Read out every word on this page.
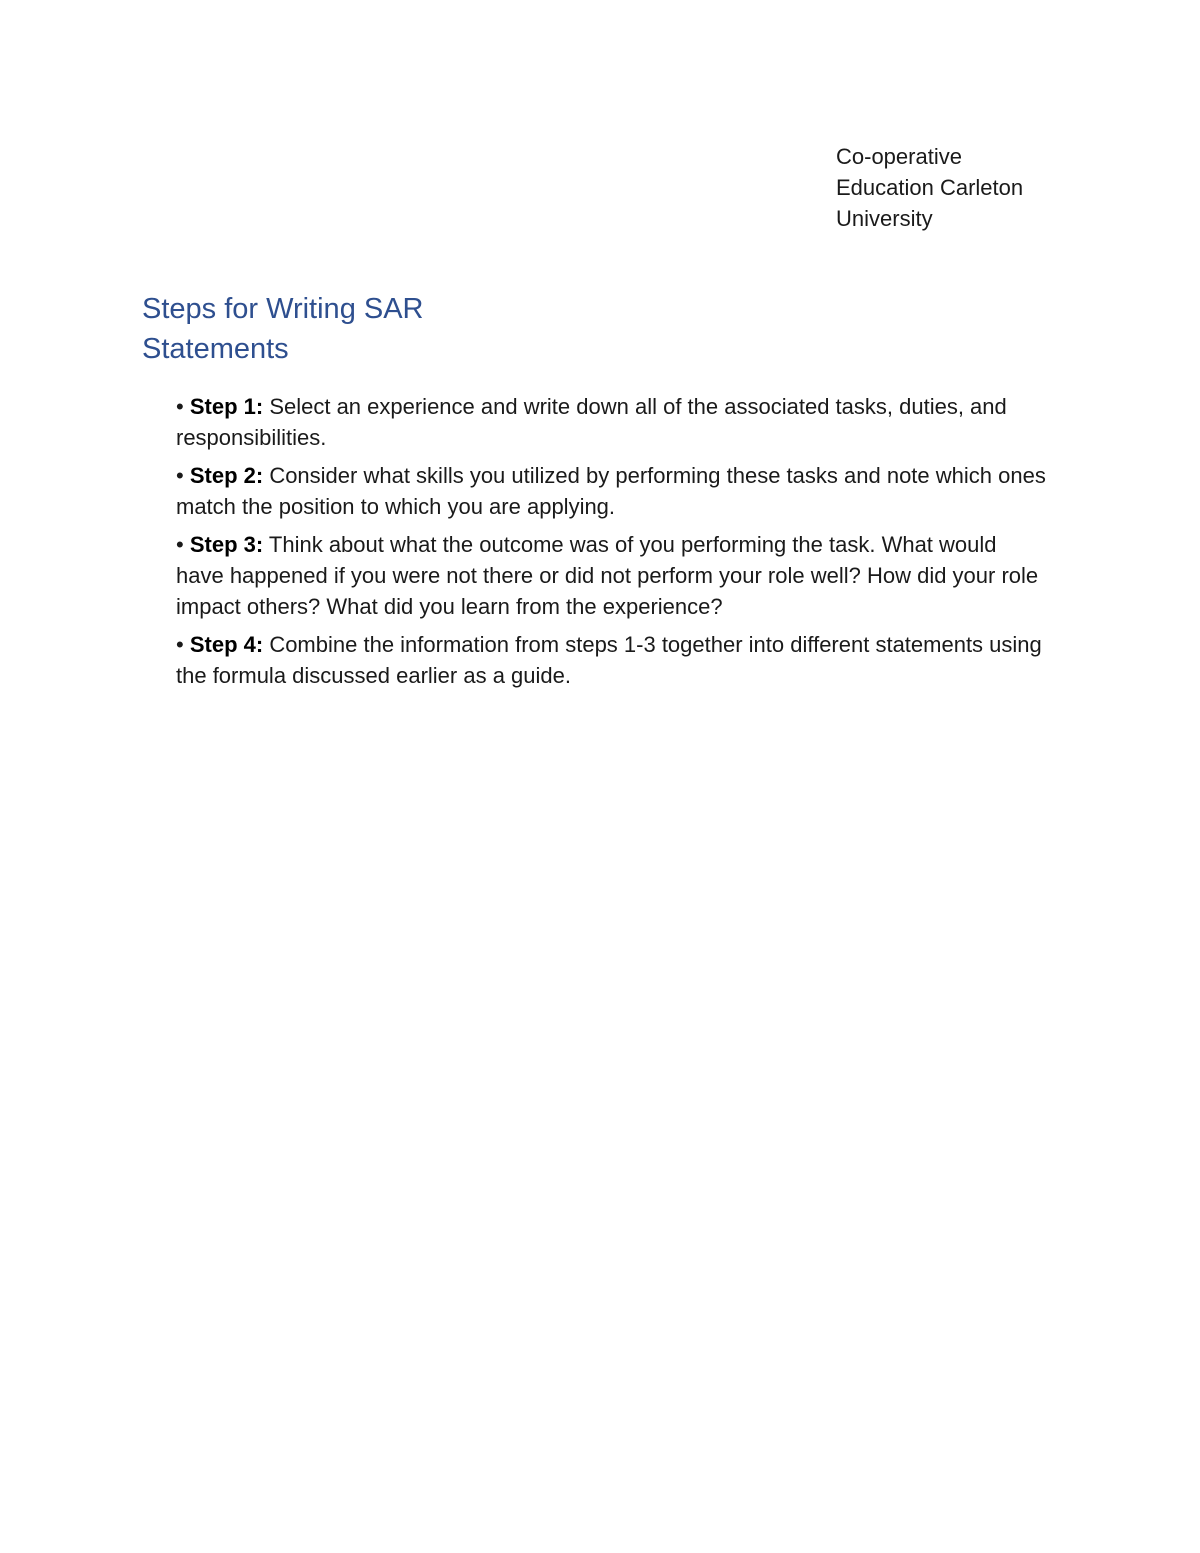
Co-operative
Education Carleton
University
Steps for Writing SAR
Statements
• Step 1: Select an experience and write down all of the associated tasks, duties, and responsibilities.
• Step 2: Consider what skills you utilized by performing these tasks and note which ones match the position to which you are applying.
• Step 3: Think about what the outcome was of you performing the task. What would have happened if you were not there or did not perform your role well? How did your role impact others? What did you learn from the experience?
• Step 4: Combine the information from steps 1-3 together into different statements using the formula discussed earlier as a guide.
